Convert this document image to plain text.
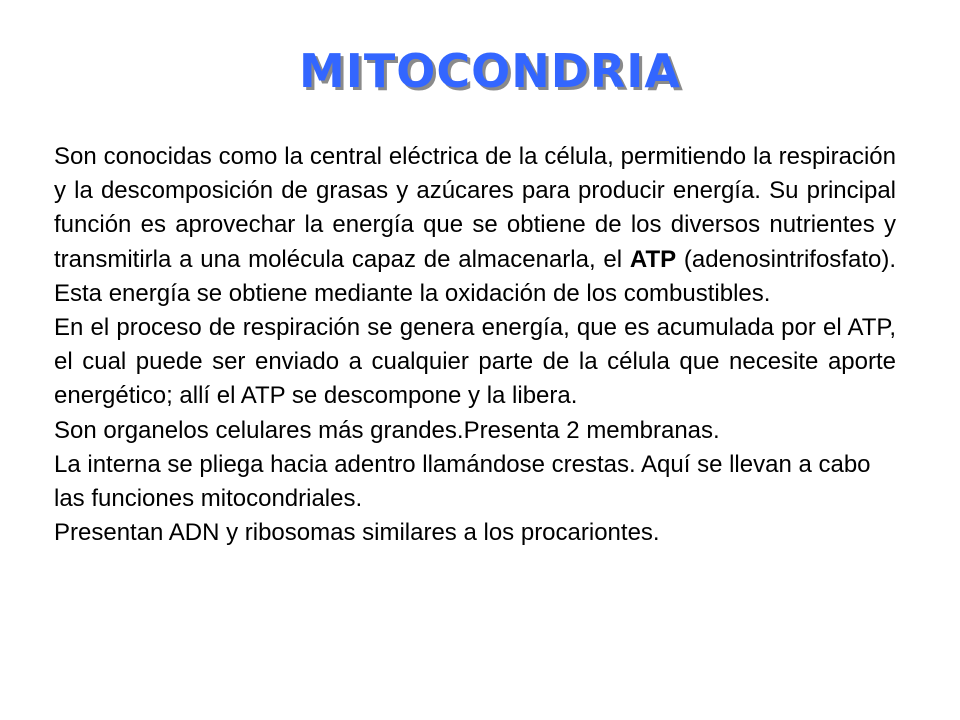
MITOCONDRIA

Son conocidas como la central eléctrica de la célula, permitiendo la respiración y la descomposición de grasas y azúcares para producir energía. Su principal función es aprovechar la energía que se obtiene de los diversos nutrientes y transmitirla a una molécula capaz de almacenarla, el ATP (adenosintrifosfato). Esta energía se obtiene mediante la oxidación de los combustibles.

En el proceso de respiración se genera energía, que es acumulada por el ATP, el cual puede ser enviado a cualquier parte de la célula que necesite aporte energético; allí el ATP se descompone y la libera.

Son organelos celulares más grandes.Presenta 2 membranas.

La interna se pliega hacia adentro llamándose crestas. Aquí se llevan a cabo las funciones mitocondriales.

Presentan ADN y ribosomas similares a los procariontes.
